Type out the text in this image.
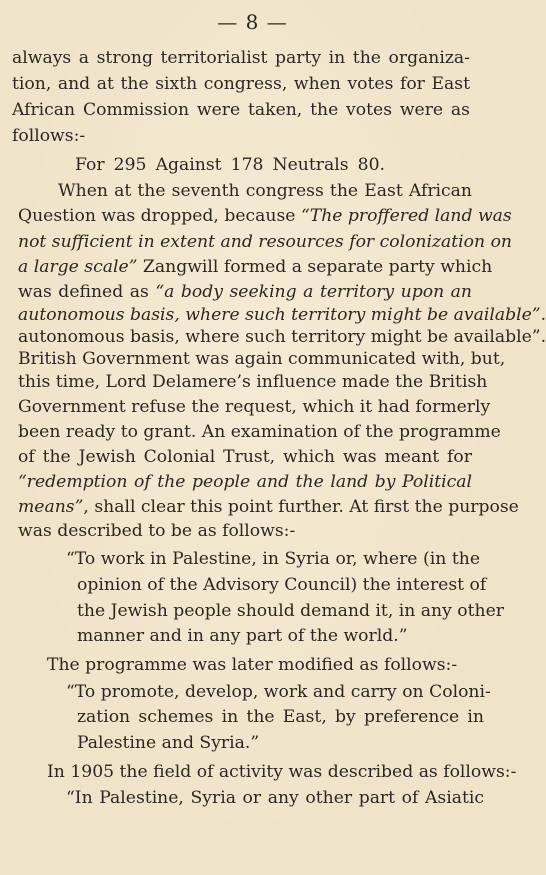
— 8 —
always a strong territorialist party in the organiza-
tion, and at the sixth congress, when votes for East
African Commission were taken, the votes were as
follows:-
For 295 Against 178 Neutrals 80.
When at the seventh congress the East African
Question was dropped, because “The proffered land was
not sufficient in extent and resources for colonization on
a large scale” Zangwill formed a separate party which
was defined as “a body seeking a territory upon an
autonomous basis, where such territory might be available”.
autonomous basis, where such territory might be available”.
British Government was again communicated with, but,
this time, Lord Delamere’s influence made the British
Government refuse the request, which it had formerly
been ready to grant. An examination of the programme
of the Jewish Colonial Trust, which was meant for
“redemption of the people and the land by Political
means”, shall clear this point further. At first the purpose
was described to be as follows:-
“To work in Palestine, in Syria or, where (in the
opinion of the Advisory Council) the interest of
the Jewish people should demand it, in any other
manner and in any part of the world.”
The programme was later modified as follows:-
“To promote, develop, work and carry on Coloni-
zation schemes in the East, by preference in
Palestine and Syria.”
In 1905 the field of activity was described as follows:-
“In Palestine, Syria or any other part of Asiatic
